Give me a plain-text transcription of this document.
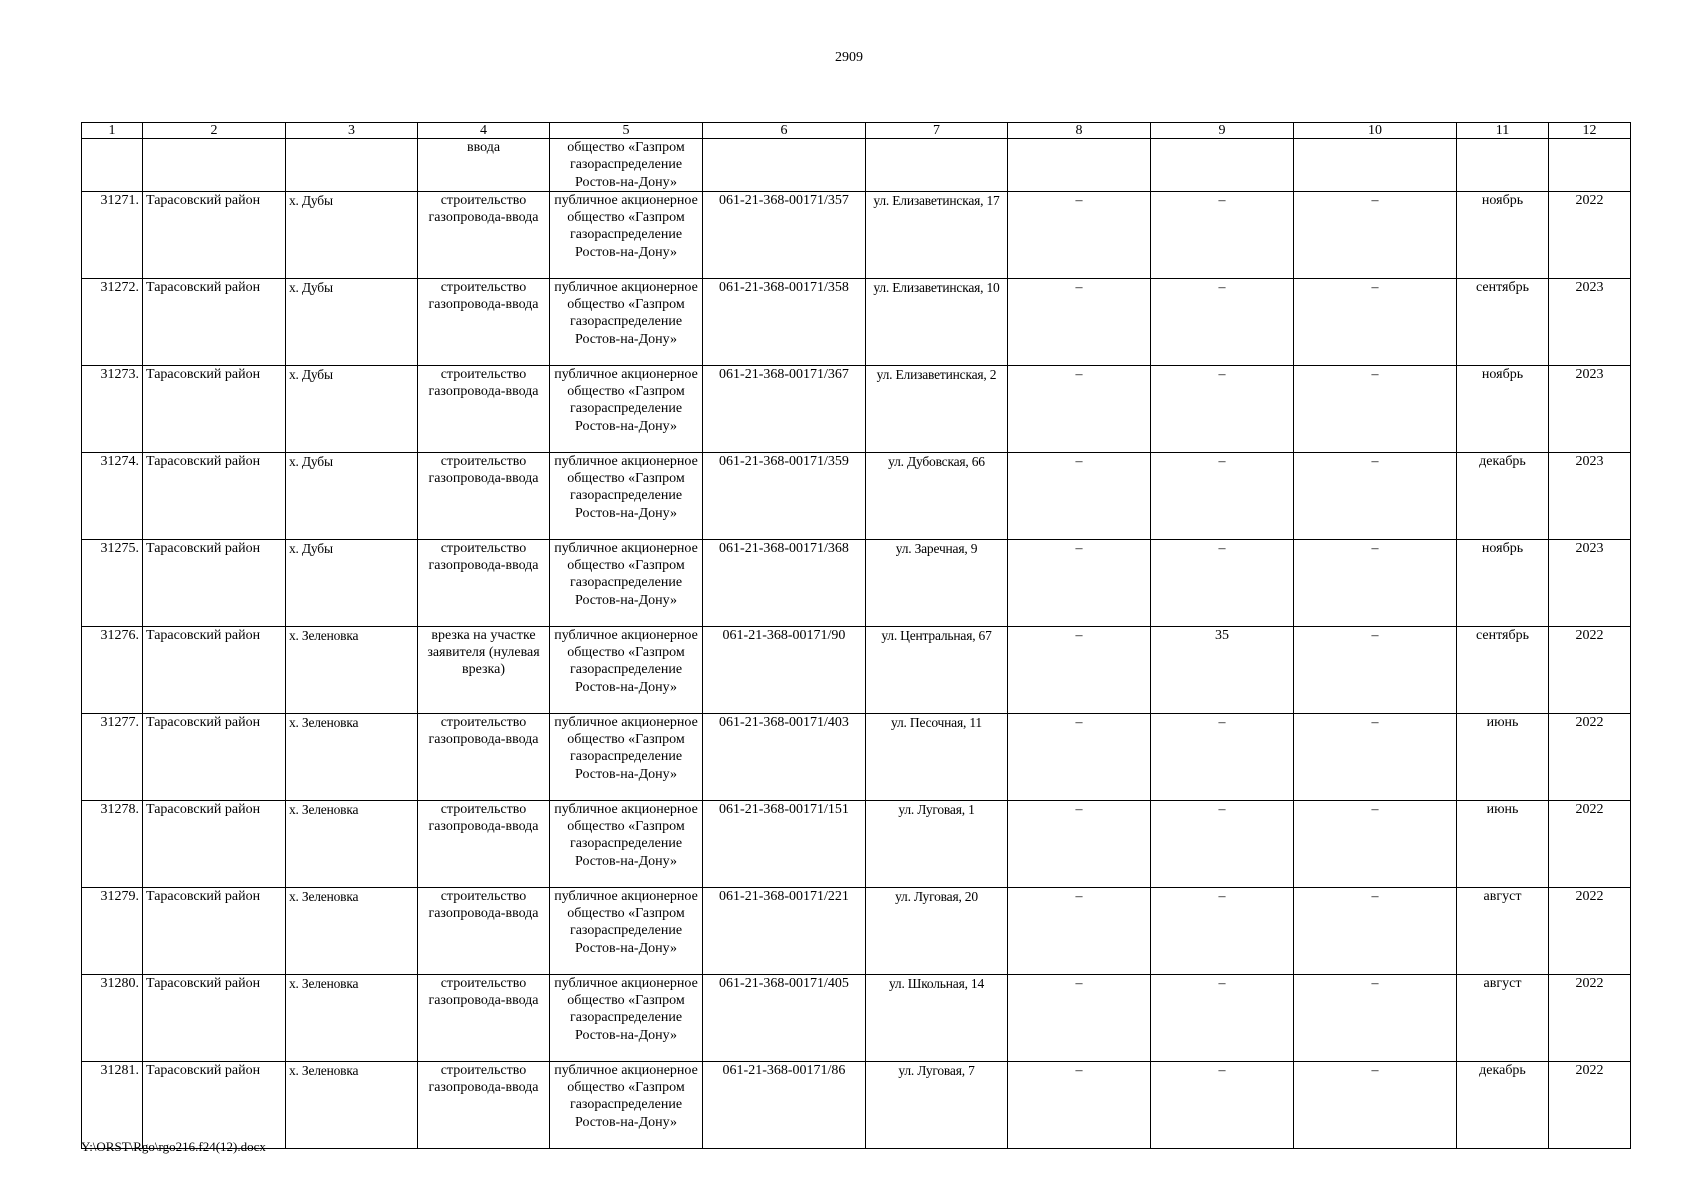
2909
1	2	3	4	5	6	7	8	9	10	11	12
			ввода	общество «Газпром газораспределение Ростов-на-Дону»							
31271.	Тарасовский район	х. Дубы	строительство газопровода-ввода	публичное акционерное общество «Газпром газораспределение Ростов-на-Дону»	061-21-368-00171/357	ул. Елизаветинская, 17	–	–	–	ноябрь	2022
31272.	Тарасовский район	х. Дубы	строительство газопровода-ввода	публичное акционерное общество «Газпром газораспределение Ростов-на-Дону»	061-21-368-00171/358	ул. Елизаветинская, 10	–	–	–	сентябрь	2023
31273.	Тарасовский район	х. Дубы	строительство газопровода-ввода	публичное акционерное общество «Газпром газораспределение Ростов-на-Дону»	061-21-368-00171/367	ул. Елизаветинская, 2	–	–	–	ноябрь	2023
31274.	Тарасовский район	х. Дубы	строительство газопровода-ввода	публичное акционерное общество «Газпром газораспределение Ростов-на-Дону»	061-21-368-00171/359	ул. Дубовская, 66	–	–	–	декабрь	2023
31275.	Тарасовский район	х. Дубы	строительство газопровода-ввода	публичное акционерное общество «Газпром газораспределение Ростов-на-Дону»	061-21-368-00171/368	ул. Заречная, 9	–	–	–	ноябрь	2023
31276.	Тарасовский район	х. Зеленовка	врезка на участке заявителя (нулевая врезка)	публичное акционерное общество «Газпром газораспределение Ростов-на-Дону»	061-21-368-00171/90	ул. Центральная, 67	–	35	–	сентябрь	2022
31277.	Тарасовский район	х. Зеленовка	строительство газопровода-ввода	публичное акционерное общество «Газпром газораспределение Ростов-на-Дону»	061-21-368-00171/403	ул. Песочная, 11	–	–	–	июнь	2022
31278.	Тарасовский район	х. Зеленовка	строительство газопровода-ввода	публичное акционерное общество «Газпром газораспределение Ростов-на-Дону»	061-21-368-00171/151	ул. Луговая, 1	–	–	–	июнь	2022
31279.	Тарасовский район	х. Зеленовка	строительство газопровода-ввода	публичное акционерное общество «Газпром газораспределение Ростов-на-Дону»	061-21-368-00171/221	ул. Луговая, 20	–	–	–	август	2022
31280.	Тарасовский район	х. Зеленовка	строительство газопровода-ввода	публичное акционерное общество «Газпром газораспределение Ростов-на-Дону»	061-21-368-00171/405	ул. Школьная, 14	–	–	–	август	2022
31281.	Тарасовский район	х. Зеленовка	строительство газопровода-ввода	публичное акционерное общество «Газпром газораспределение Ростов-на-Дону»	061-21-368-00171/86	ул. Луговая, 7	–	–	–	декабрь	2022
Y:\ORST\Rgo\rgo216.f24(12).docx
